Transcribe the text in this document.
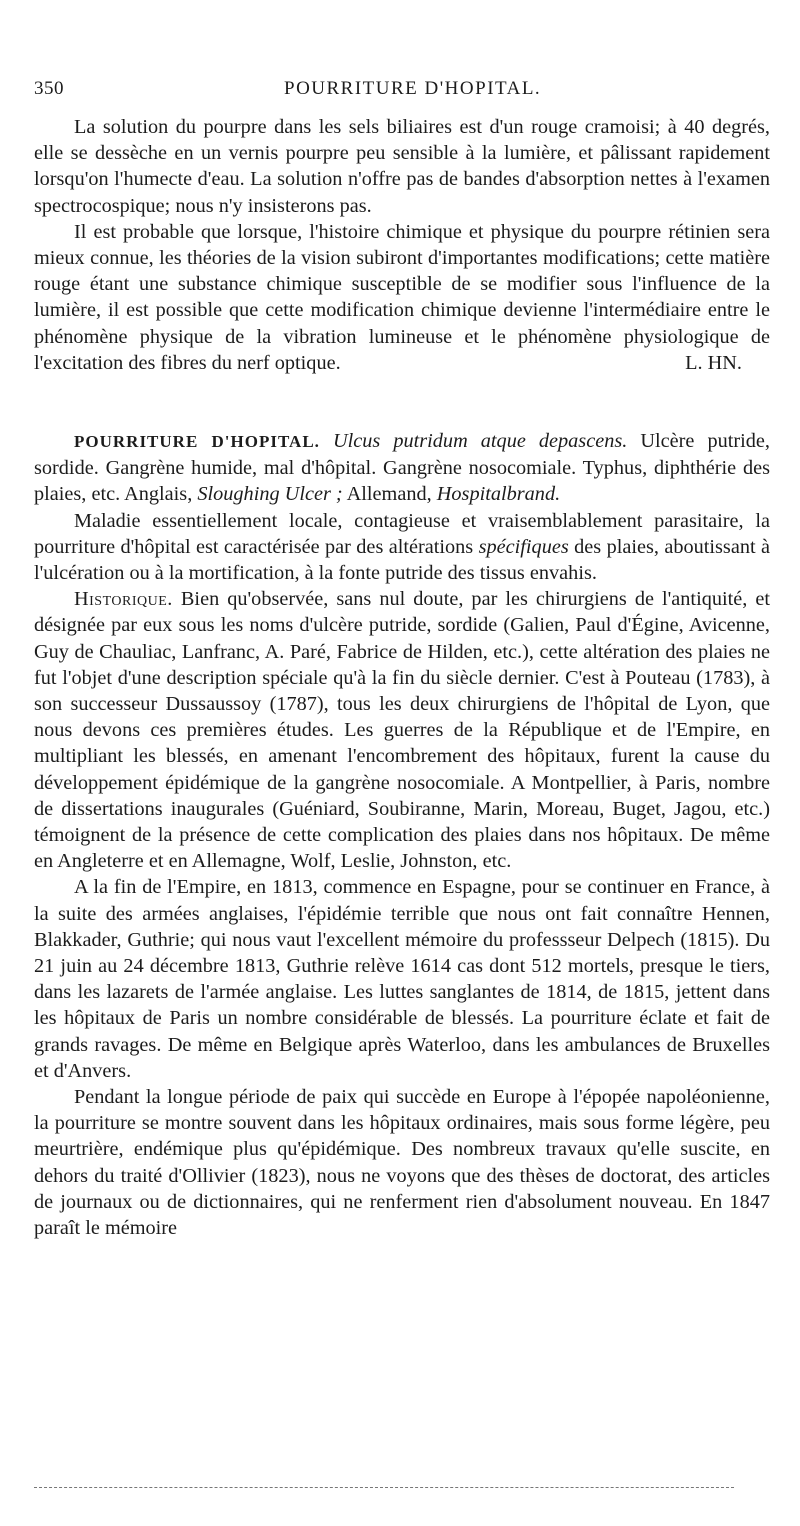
350	POURRITURE D'HOPITAL.

La solution du pourpre dans les sels biliaires est d'un rouge cramoisi; à 40 degrés, elle se dessèche en un vernis pourpre peu sensible à la lumière, et pâlissant rapidement lorsqu'on l'humecte d'eau. La solution n'offre pas de bandes d'absorption nettes à l'examen spectrocospique; nous n'y insisterons pas.

Il est probable que lorsque, l'histoire chimique et physique du pourpre rétinien sera mieux connue, les théories de la vision subiront d'importantes modifications; cette matière rouge étant une substance chimique susceptible de se modifier sous l'influence de la lumière, il est possible que cette modification chimique devienne l'intermédiaire entre le phénomène physique de la vibration lumineuse et le phénomène physiologique de l'excitation des fibres du nerf optique.	L. HN.

POURRITURE D'HOPITAL. Ulcus putridum atque depascens. Ulcère putride, sordide. Gangrène humide, mal d'hôpital. Gangrène nosocomiale. Typhus, diphthérie des plaies, etc. Anglais, Sloughing Ulcer ; Allemand, Hospitalbrand.

Maladie essentiellement locale, contagieuse et vraisemblablement parasitaire, la pourriture d'hôpital est caractérisée par des altérations spécifiques des plaies, aboutissant à l'ulcération ou à la mortification, à la fonte putride des tissus envahis.

Historique. Bien qu'observée, sans nul doute, par les chirurgiens de l'antiquité, et désignée par eux sous les noms d'ulcère putride, sordide (Galien, Paul d'Égine, Avicenne, Guy de Chauliac, Lanfranc, A. Paré, Fabrice de Hilden, etc.), cette altération des plaies ne fut l'objet d'une description spéciale qu'à la fin du siècle dernier. C'est à Pouteau (1783), à son successeur Dussaussoy (1787), tous les deux chirurgiens de l'hôpital de Lyon, que nous devons ces premières études. Les guerres de la République et de l'Empire, en multipliant les blessés, en amenant l'encombrement des hôpitaux, furent la cause du développement épidémique de la gangrène nosocomiale. A Montpellier, à Paris, nombre de dissertations inaugurales (Guéniard, Soubiranne, Marin, Moreau, Buget, Jagou, etc.) témoignent de la présence de cette complication des plaies dans nos hôpitaux. De même en Angleterre et en Allemagne, Wolf, Leslie, Johnston, etc.

A la fin de l'Empire, en 1813, commence en Espagne, pour se continuer en France, à la suite des armées anglaises, l'épidémie terrible que nous ont fait connaître Hennen, Blakkader, Guthrie; qui nous vaut l'excellent mémoire du professseur Delpech (1815). Du 21 juin au 24 décembre 1813, Guthrie relève 1614 cas dont 512 mortels, presque le tiers, dans les lazarets de l'armée anglaise. Les luttes sanglantes de 1814, de 1815, jettent dans les hôpitaux de Paris un nombre considérable de blessés. La pourriture éclate et fait de grands ravages. De même en Belgique après Waterloo, dans les ambulances de Bruxelles et d'Anvers.

Pendant la longue période de paix qui succède en Europe à l'épopée napoléonienne, la pourriture se montre souvent dans les hôpitaux ordinaires, mais sous forme légère, peu meurtrière, endémique plus qu'épidémique. Des nombreux travaux qu'elle suscite, en dehors du traité d'Ollivier (1823), nous ne voyons que des thèses de doctorat, des articles de journaux ou de dictionnaires, qui ne renferment rien d'absolument nouveau. En 1847 paraît le mémoire
